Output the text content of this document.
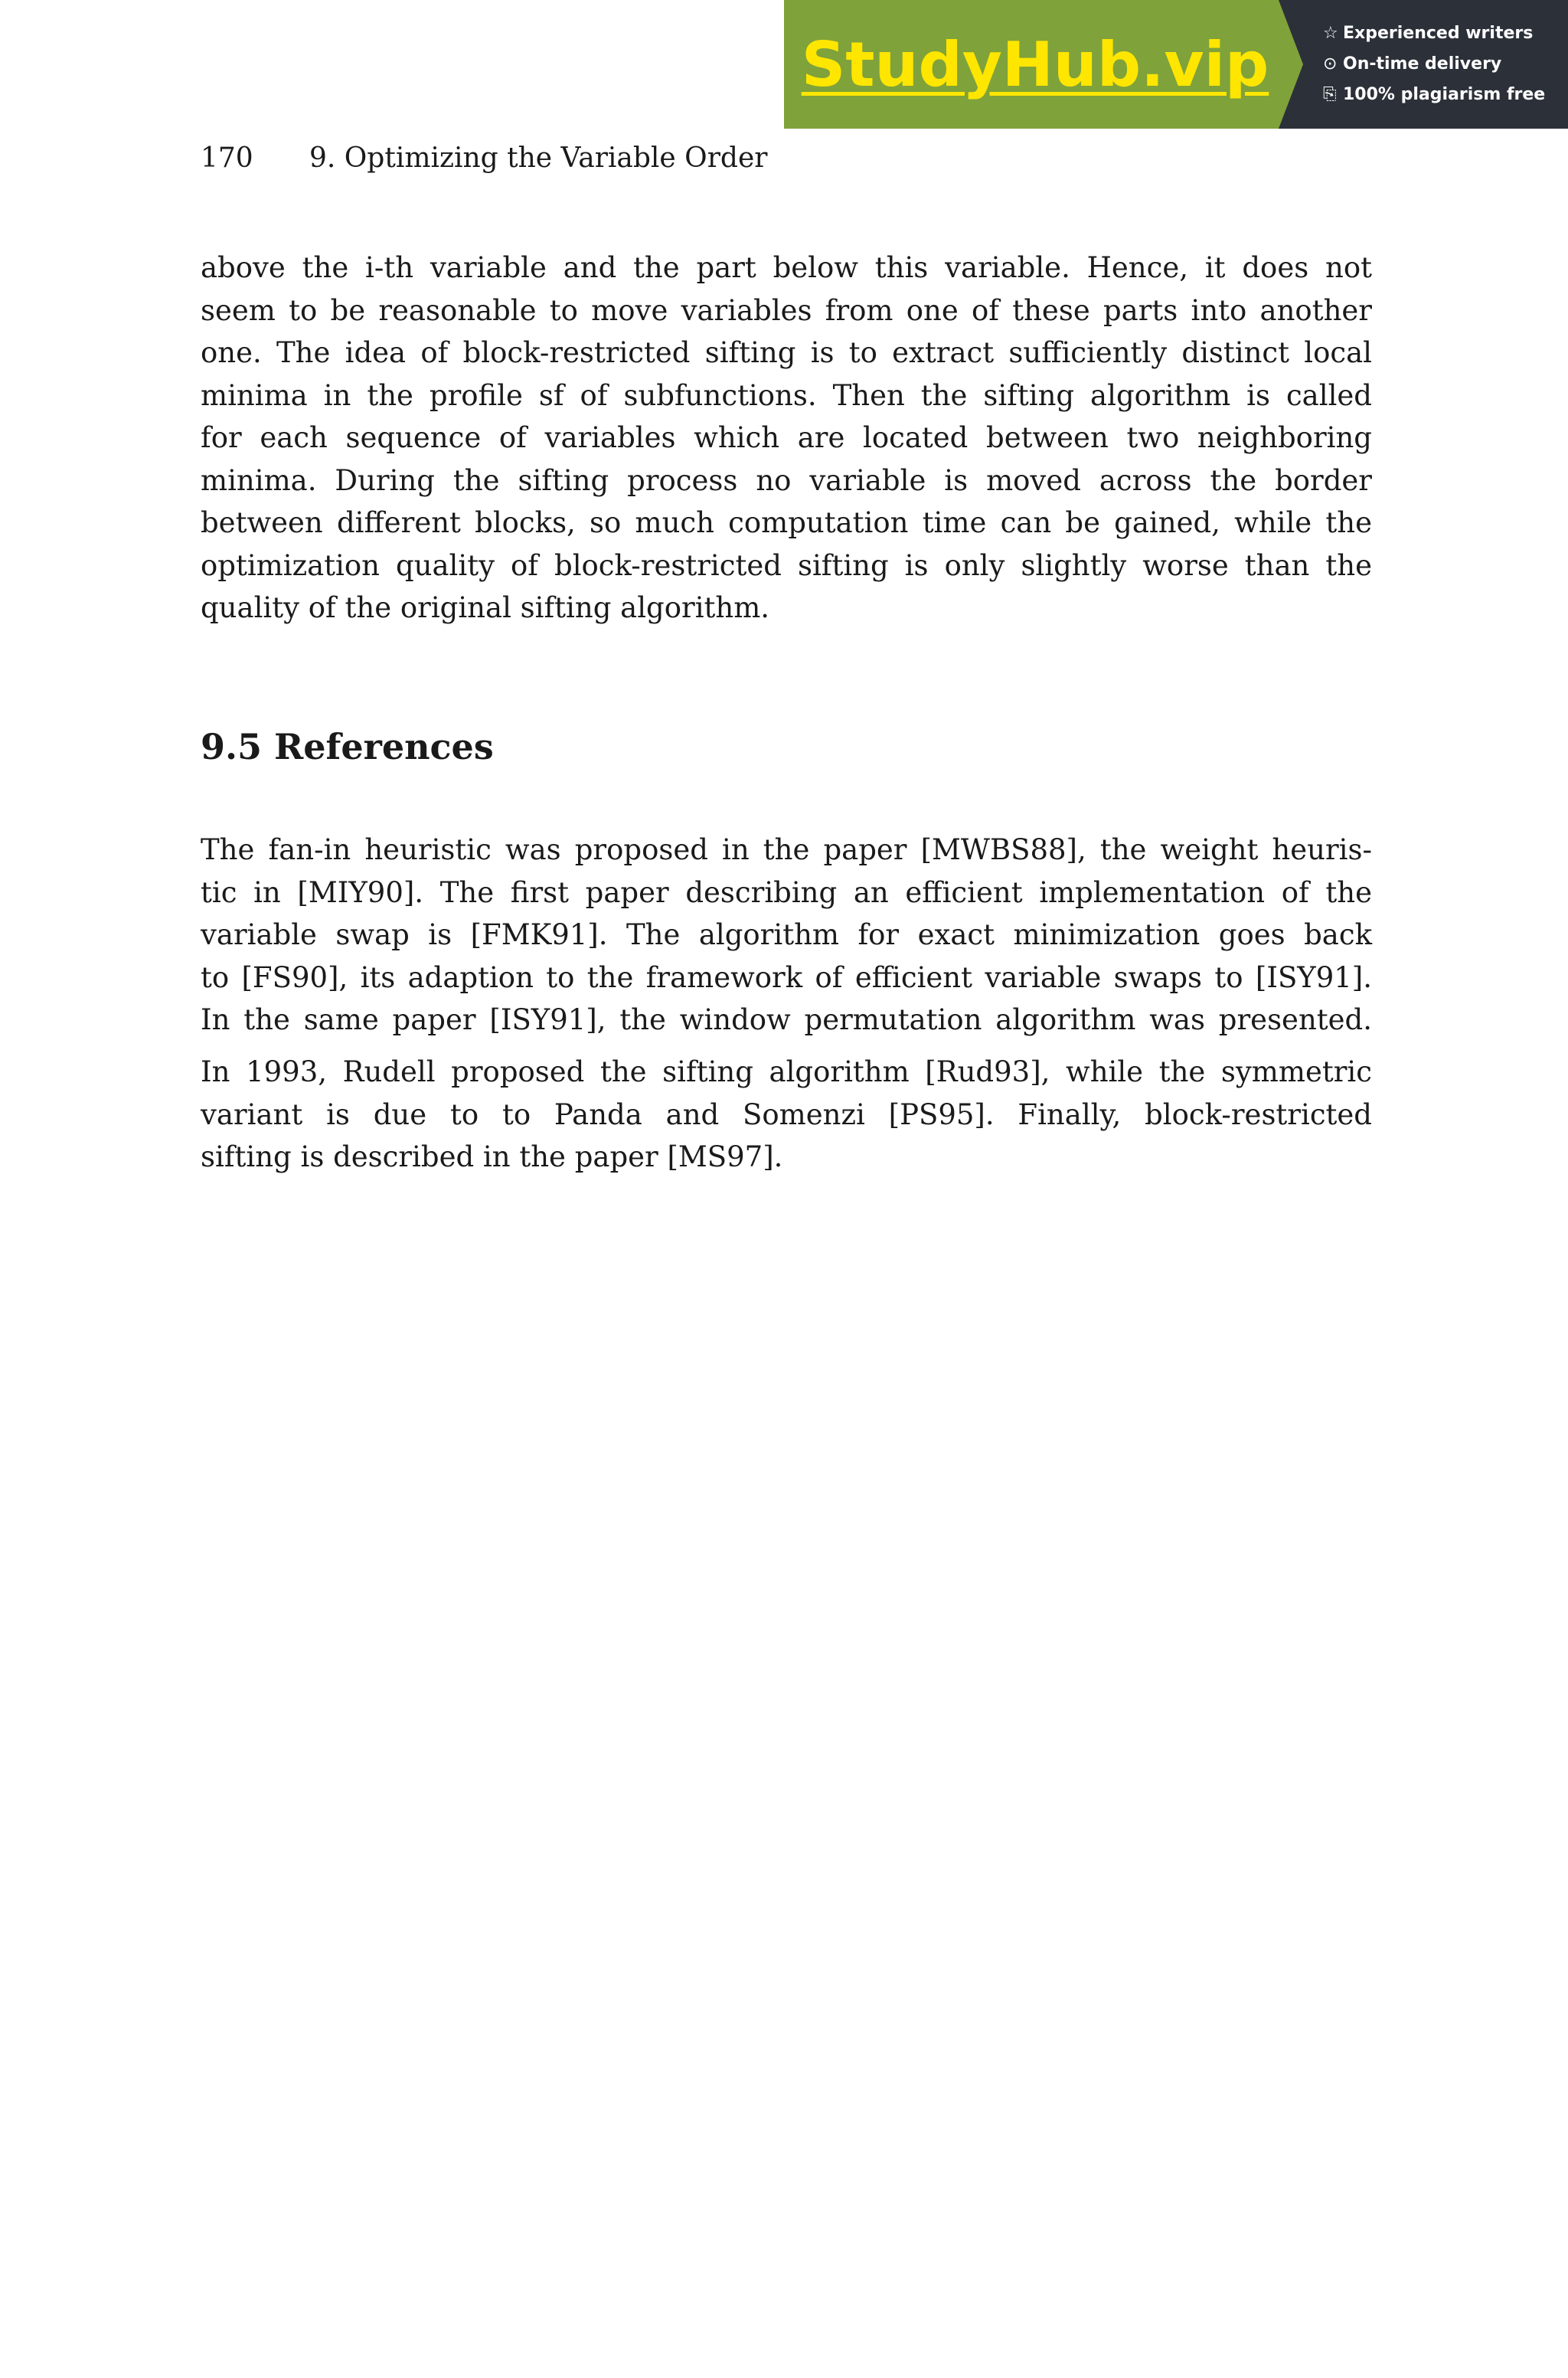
StudyHub.vip	☆ Experienced writers
⊙ On-time delivery
⎘ 100% plagiarism free
170 9. Optimizing the Variable Order
above the i-th variable and the part below this variable. Hence, it does not
seem to be reasonable to move variables from one of these parts into another
one. The idea of block-restricted sifting is to extract sufficiently distinct local
minima in the profile sf of subfunctions. Then the sifting algorithm is called
for each sequence of variables which are located between two neighboring
minima. During the sifting process no variable is moved across the border
between different blocks, so much computation time can be gained, while the
optimization quality of block-restricted sifting is only slightly worse than the
quality of the original sifting algorithm.
9.5 References
The fan-in heuristic was proposed in the paper [MWBS88], the weight heuris-
tic in [MIY90]. The first paper describing an efficient implementation of the
variable swap is [FMK91]. The algorithm for exact minimization goes back
to [FS90], its adaption to the framework of efficient variable swaps to [ISY91].
In the same paper [ISY91], the window permutation algorithm was presented.
In 1993, Rudell proposed the sifting algorithm [Rud93], while the symmetric
variant is due to to Panda and Somenzi [PS95]. Finally, block-restricted
sifting is described in the paper [MS97].
